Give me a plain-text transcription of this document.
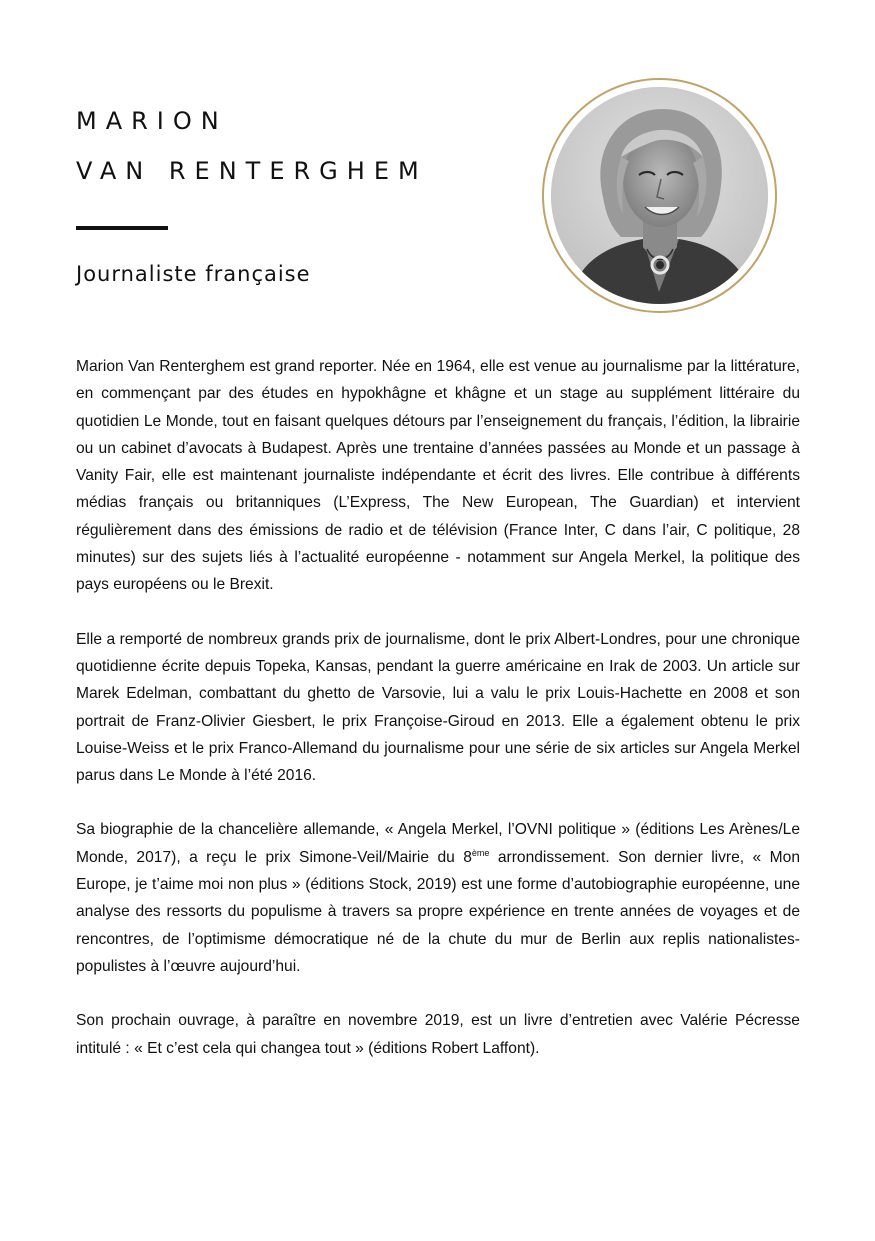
MARION
VAN RENTERGHEM
Journaliste française

Marion Van Renterghem est grand reporter. Née en 1964, elle est venue au journalisme par la littérature, en commençant par des études en hypokhâgne et khâgne et un stage au supplément littéraire du quotidien Le Monde, tout en faisant quelques détours par l’enseignement du français, l’édition, la librairie ou un cabinet d’avocats à Budapest. Après une trentaine d’années passées au Monde et un passage à Vanity Fair, elle est maintenant journaliste indépendante et écrit des livres. Elle contribue à différents médias français ou britanniques (L’Express, The New European, The Guardian) et intervient régulièrement dans des émissions de radio et de télévision (France Inter, C dans l’air, C politique, 28 minutes) sur des sujets liés à l’actualité européenne - notamment sur Angela Merkel, la politique des pays européens ou le Brexit.

Elle a remporté de nombreux grands prix de journalisme, dont le prix Albert-Londres, pour une chronique quotidienne écrite depuis Topeka, Kansas, pendant la guerre américaine en Irak de 2003. Un article sur Marek Edelman, combattant du ghetto de Varsovie, lui a valu le prix Louis-Hachette en 2008 et son portrait de Franz-Olivier Giesbert, le prix Françoise-Giroud en 2013. Elle a également obtenu le prix Louise-Weiss et le prix Franco-Allemand du journalisme pour une série de six articles sur Angela Merkel parus dans Le Monde à l’été 2016.

Sa biographie de la chancelière allemande, « Angela Merkel, l’OVNI politique » (éditions Les Arènes/Le Monde, 2017), a reçu le prix Simone-Veil/Mairie du 8ème arrondissement. Son dernier livre, « Mon Europe, je t’aime moi non plus » (éditions Stock, 2019) est une forme d’autobiographie européenne, une analyse des ressorts du populisme à travers sa propre expérience en trente années de voyages et de rencontres, de l’optimisme démocratique né de la chute du mur de Berlin aux replis nationalistes-populistes à l’œuvre aujourd’hui.

Son prochain ouvrage, à paraître en novembre 2019, est un livre d’entretien avec Valérie Pécresse intitulé : « Et c’est cela qui changea tout » (éditions Robert Laffont).
